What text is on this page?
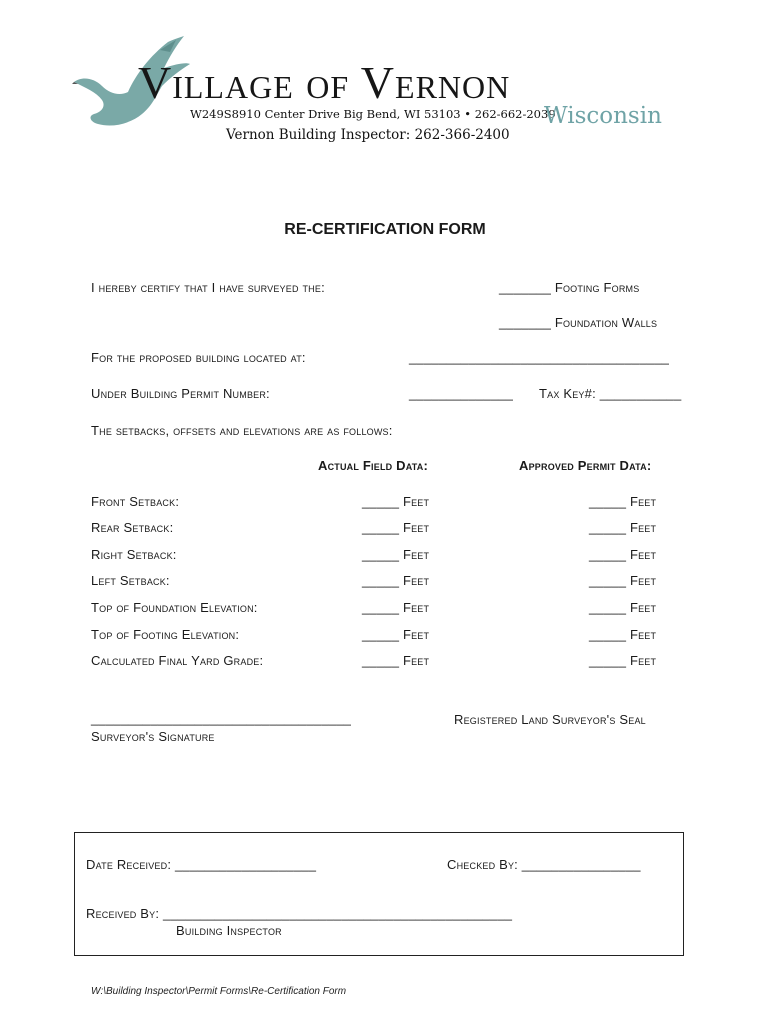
Village of Vernon
W249S8910 Center Drive Big Bend, WI 53103 • 262-662-2039
Wisconsin
Vernon Building Inspector: 262-366-2400
RE-CERTIFICATION FORM
I hereby certify that I have surveyed the:	_______ Footing Forms
_______ Foundation Walls
For the proposed building located at:	___________________________________
Under Building Permit Number:	______________ Tax Key#: ___________
The setbacks, offsets and elevations are as follows:
Actual Field Data:	Approved Permit Data:
Front Setback:	_____ Feet	_____ Feet
Rear Setback:	_____ Feet	_____ Feet
Right Setback:	_____ Feet	_____ Feet
Left Setback:	_____ Feet	_____ Feet
Top of Foundation Elevation:	_____ Feet	_____ Feet
Top of Footing Elevation:	_____ Feet	_____ Feet
Calculated Final Yard Grade:	_____ Feet	_____ Feet
___________________________________
Surveyor's Signature
Registered Land Surveyor's Seal
Date Received: ___________________	Checked By: ________________
Received By: _______________________________________________
Building Inspector
W:\Building Inspector\Permit Forms\Re-Certification Form
